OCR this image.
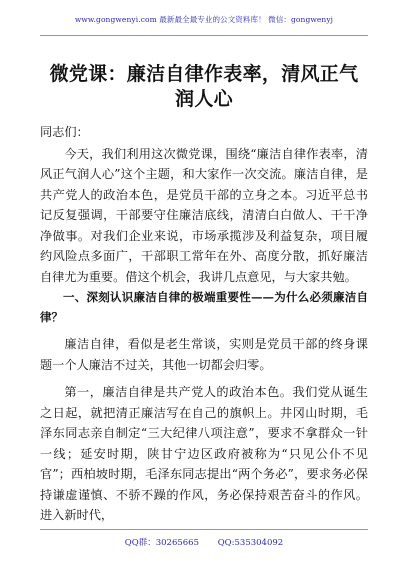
www.gongwenyi.com 最新最全最专业的公文资料库！ 微信：gongwenyj
微党课：廉洁自律作表率，清风正气润人心

同志们：

今天，我们利用这次微党课，围绕“廉洁自律作表率，清风正气润人心”这个主题，和大家作一次交流。廉洁自律，是共产党人的政治本色，是党员干部的立身之本。习近平总书记反复强调，干部要守住廉洁底线，清清白白做人、干干净净做事。对我们企业来说，市场承揽涉及利益复杂，项目履约风险点多面广，干部职工常年在外、高度分散，抓好廉洁自律尤为重要。借这个机会，我讲几点意见，与大家共勉。

一、深刻认识廉洁自律的极端重要性——为什么必须廉洁自律？

廉洁自律，看似是老生常谈，实则是党员干部的终身课题一个人廉洁不过关，其他一切都会归零。

第一，廉洁自律是共产党人的政治本色。我们党从诞生之日起，就把清正廉洁写在自己的旗帜上。井冈山时期，毛泽东同志亲自制定“三大纪律八项注意”，要求不拿群众一针一线；延安时期，陕甘宁边区政府被称为“只见公仆不见官”；西柏坡时期，毛泽东同志提出“两个务必”，要求务必保持谦虚谨慎、不骄不躁的作风，务必保持艰苦奋斗的作风。进入新时代，

QQ群：30265665 QQ:535304092
